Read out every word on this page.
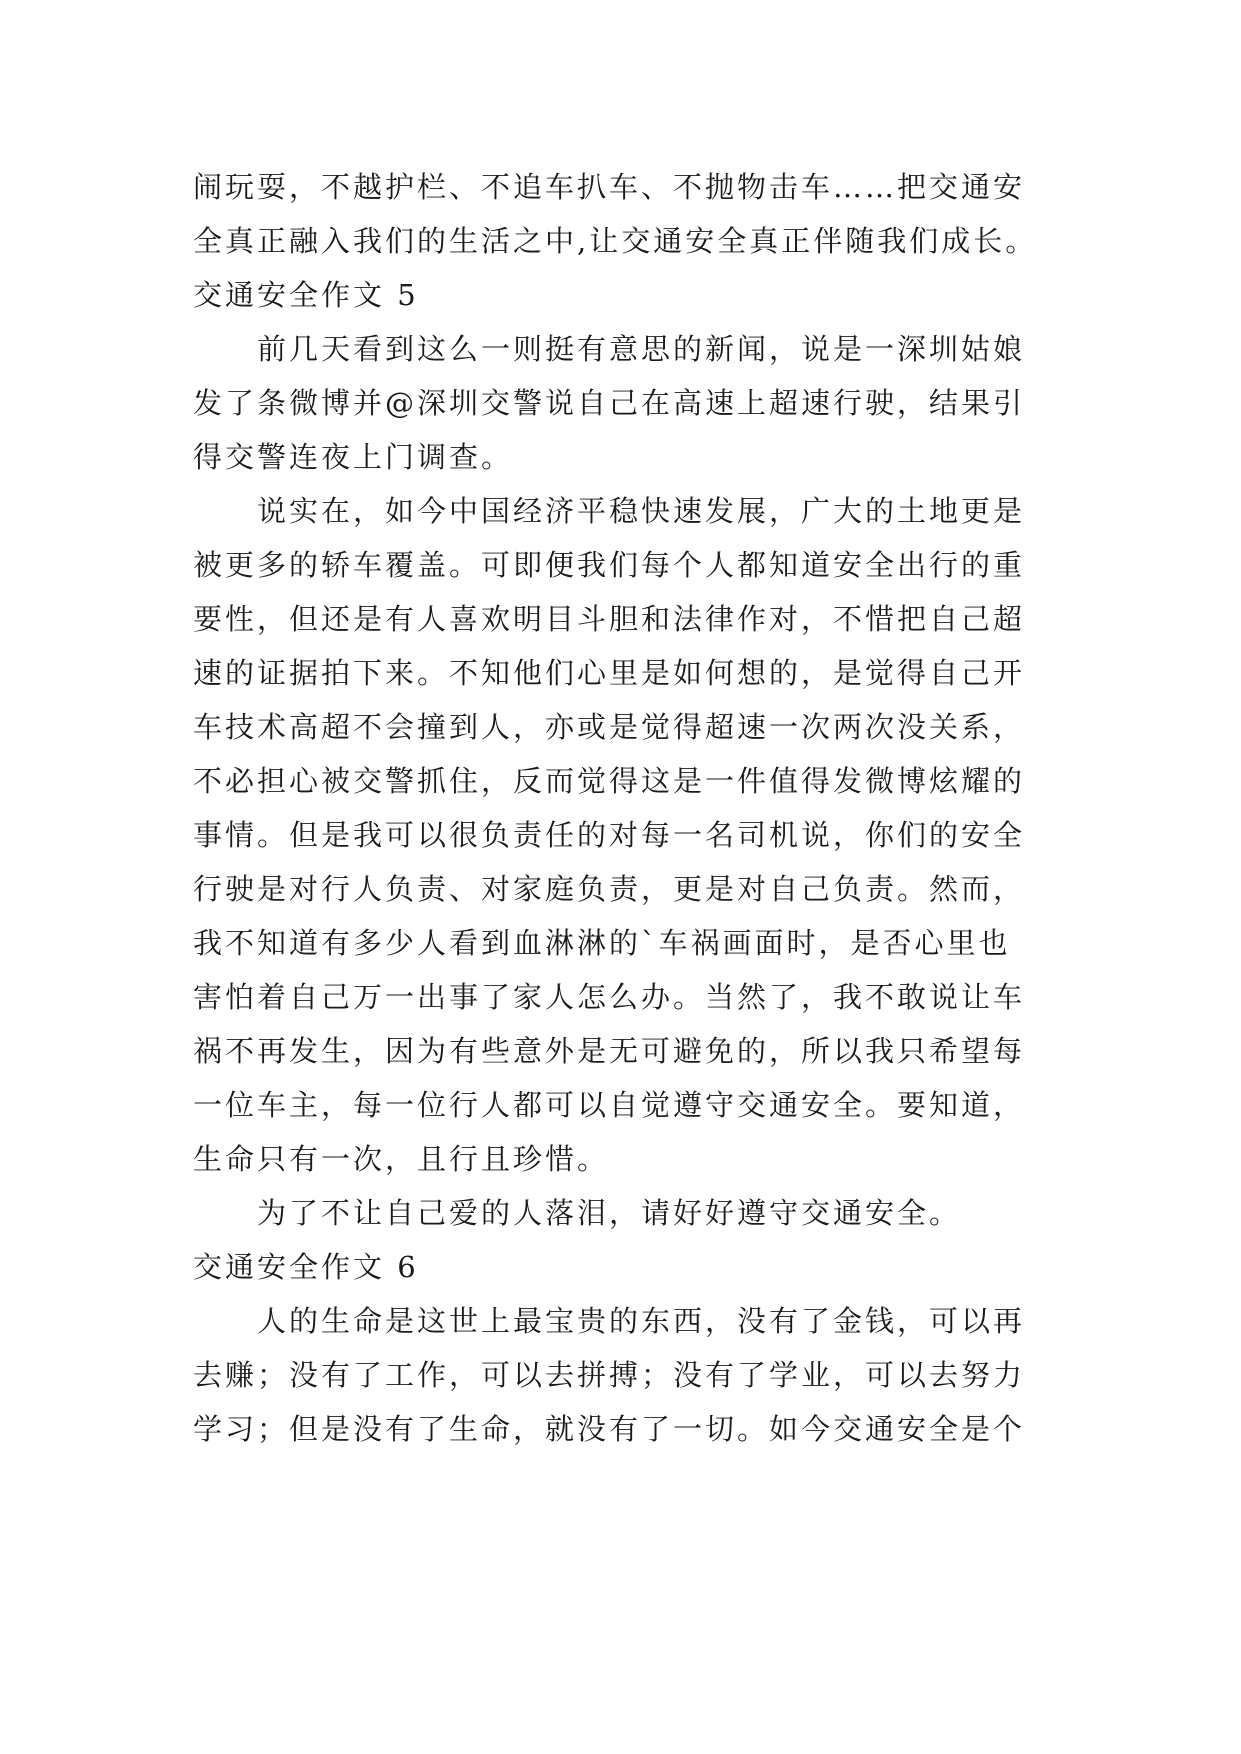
闹玩耍，不越护栏、不追车扒车、不抛物击车……把交通安
全真正融入我们的生活之中,让交通安全真正伴随我们成长。
交通安全作文 5
前几天看到这么一则挺有意思的新闻，说是一深圳姑娘
发了条微博并@深圳交警说自己在高速上超速行驶，结果引
得交警连夜上门调查。
说实在，如今中国经济平稳快速发展，广大的土地更是
被更多的轿车覆盖。可即便我们每个人都知道安全出行的重
要性，但还是有人喜欢明目斗胆和法律作对，不惜把自己超
速的证据拍下来。不知他们心里是如何想的，是觉得自己开
车技术高超不会撞到人，亦或是觉得超速一次两次没关系，
不必担心被交警抓住，反而觉得这是一件值得发微博炫耀的
事情。但是我可以很负责任的对每一名司机说，你们的安全
行驶是对行人负责、对家庭负责，更是对自己负责。然而，
我不知道有多少人看到血淋淋的`车祸画面时，是否心里也
害怕着自己万一出事了家人怎么办。当然了，我不敢说让车
祸不再发生，因为有些意外是无可避免的，所以我只希望每
一位车主，每一位行人都可以自觉遵守交通安全。要知道，
生命只有一次，且行且珍惜。
为了不让自己爱的人落泪，请好好遵守交通安全。
交通安全作文 6
人的生命是这世上最宝贵的东西，没有了金钱，可以再
去赚；没有了工作，可以去拼搏；没有了学业，可以去努力
学习；但是没有了生命，就没有了一切。如今交通安全是个
